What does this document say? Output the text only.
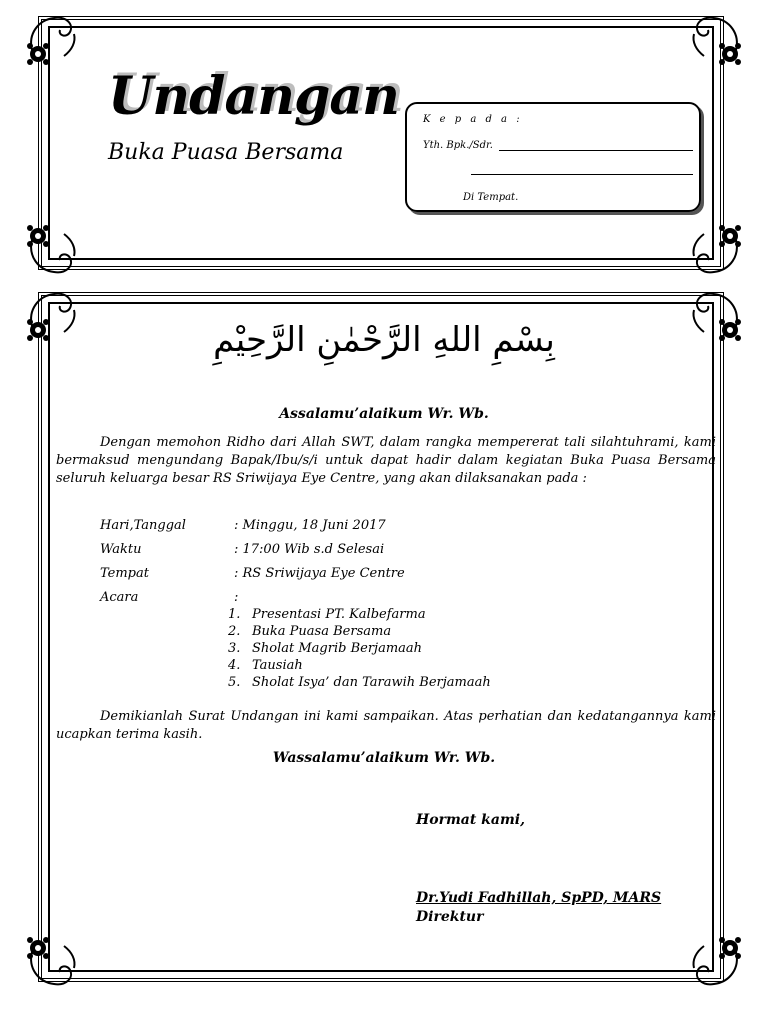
Undangan
Buka Puasa Bersama
K e p a d a :
Yth. Bpk./Sdr.
Di Tempat.
بِسْمِ اللهِ الرَّحْمٰنِ الرَّحِيْمِ
Assalamu’alaikum Wr. Wb.
Dengan memohon Ridho dari Allah SWT, dalam rangka mempererat tali silahtuhrami, kami bermaksud mengundang Bapak/Ibu/s/i untuk dapat hadir dalam kegiatan Buka Puasa Bersama seluruh keluarga besar RS Sriwijaya Eye Centre, yang akan dilaksanakan pada :
Hari,Tanggal	: Minggu, 18 Juni 2017
Waktu	: 17:00 Wib s.d Selesai
Tempat	: RS Sriwijaya Eye Centre
Acara	:
1. Presentasi PT. Kalbefarma
2. Buka Puasa Bersama
3. Sholat Magrib Berjamaah
4. Tausiah
5. Sholat Isya’ dan Tarawih Berjamaah
Demikianlah Surat Undangan ini kami sampaikan. Atas perhatian dan kedatangannya kami ucapkan terima kasih.
Wassalamu’alaikum Wr. Wb.
Hormat kami,
Dr.Yudi Fadhillah, SpPD, MARS
Direktur
